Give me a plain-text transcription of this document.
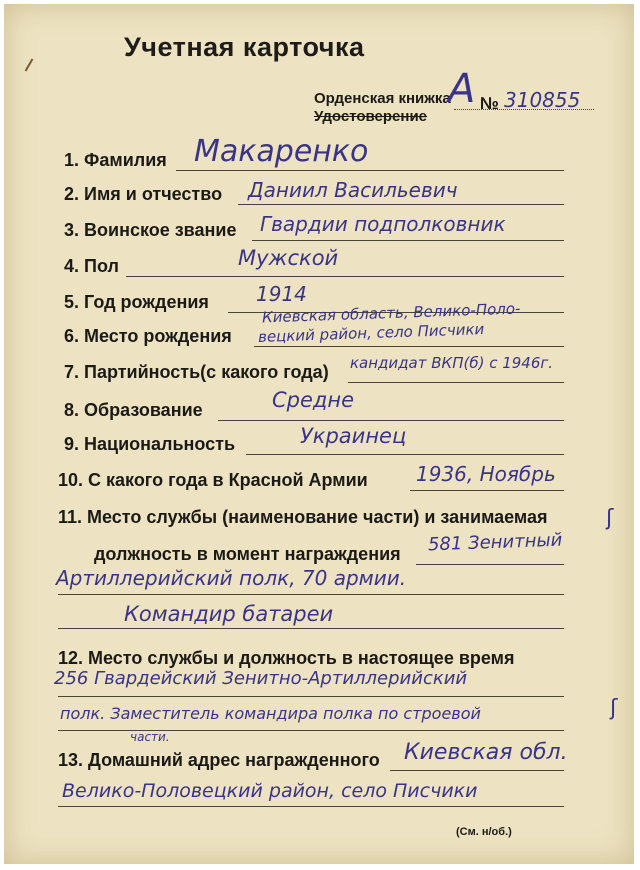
Учетная карточка
Орденская книжка
Удостоверение
А № 310855
1. Фамилия Макаренко
2. Имя и отчество Даниил Васильевич
3. Воинское звание Гвардии подполковник
4. Пол	Мужской
5. Год рождения 1914
6. Место рождения
Киевская область, Велико-Поло-
вецкий район, село Писчики
7. Партийность(с какого года) кандидат ВКП(б) с 1946г.
8. Образование	Средне
9. Национальность	Украинец
10. С какого года в Красной Армии 1936, Ноябрь
11. Место службы (наименование части) и занимаемая
должность в момент награждения 581 Зенитный
ʃ
Артиллерийский полк, 70 армии.
Командир батареи
12. Место службы и должность в настоящее время
256 Гвардейский Зенитно-Артиллерийский
ʃ
полк. Заместитель командира полка по строевой
части.
13. Домашний адрес награжденного Киевская обл.
Велико-Половецкий район, село Писчики
(См. н/об.)
